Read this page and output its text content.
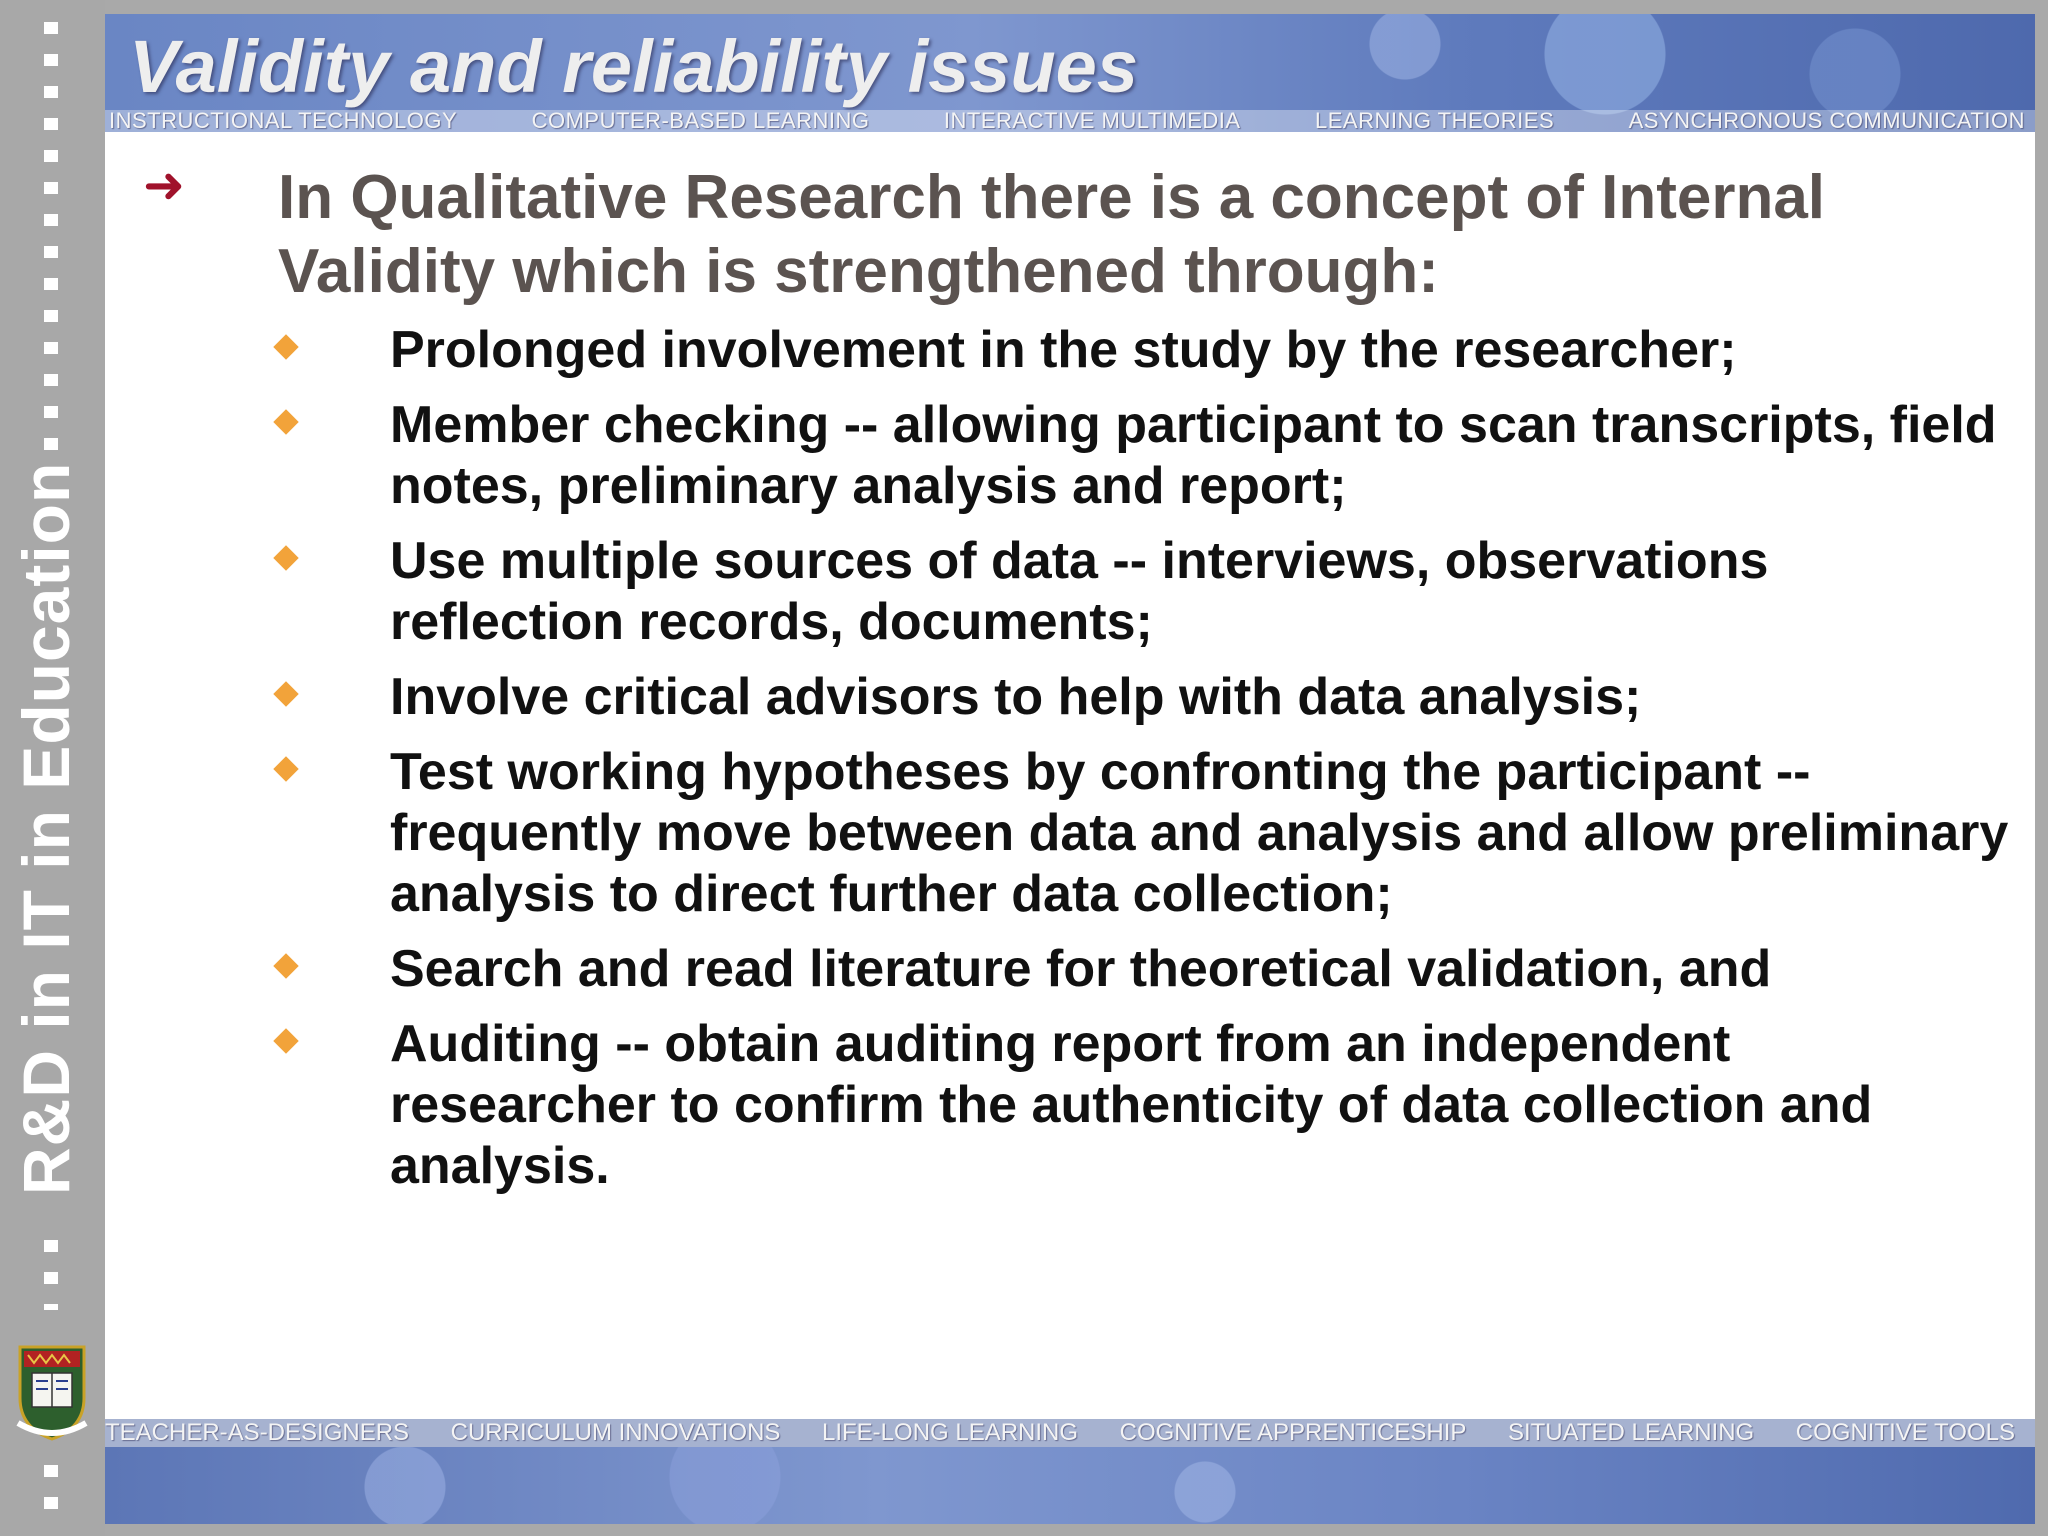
R&D in IT in Education
Validity and reliability issues
INSTRUCTIONAL TECHNOLOGY	COMPUTER-BASED LEARNING	INTERACTIVE MULTIMEDIA	LEARNING THEORIES	ASYNCHRONOUS COMMUNICATION
➜ In Qualitative Research there is a concept of Internal Validity which is strengthened through:

Prolonged involvement in the study by the researcher;
Member checking -- allowing participant to scan transcripts, field notes, preliminary analysis and report;
Use multiple sources of data -- interviews, observations reflection records, documents;
Involve critical advisors to help with data analysis;
Test working hypotheses by confronting the participant -- frequently move between data and analysis and allow preliminary analysis to direct further data collection;
Search and read literature for theoretical validation, and
Auditing -- obtain auditing report from an independent researcher to confirm the authenticity of data collection and analysis.
TEACHER-AS-DESIGNERS CURRICULUM INNOVATIONS LIFE-LONG LEARNING COGNITIVE APPRENTICESHIP SITUATED LEARNING COGNITIVE TOOLS
